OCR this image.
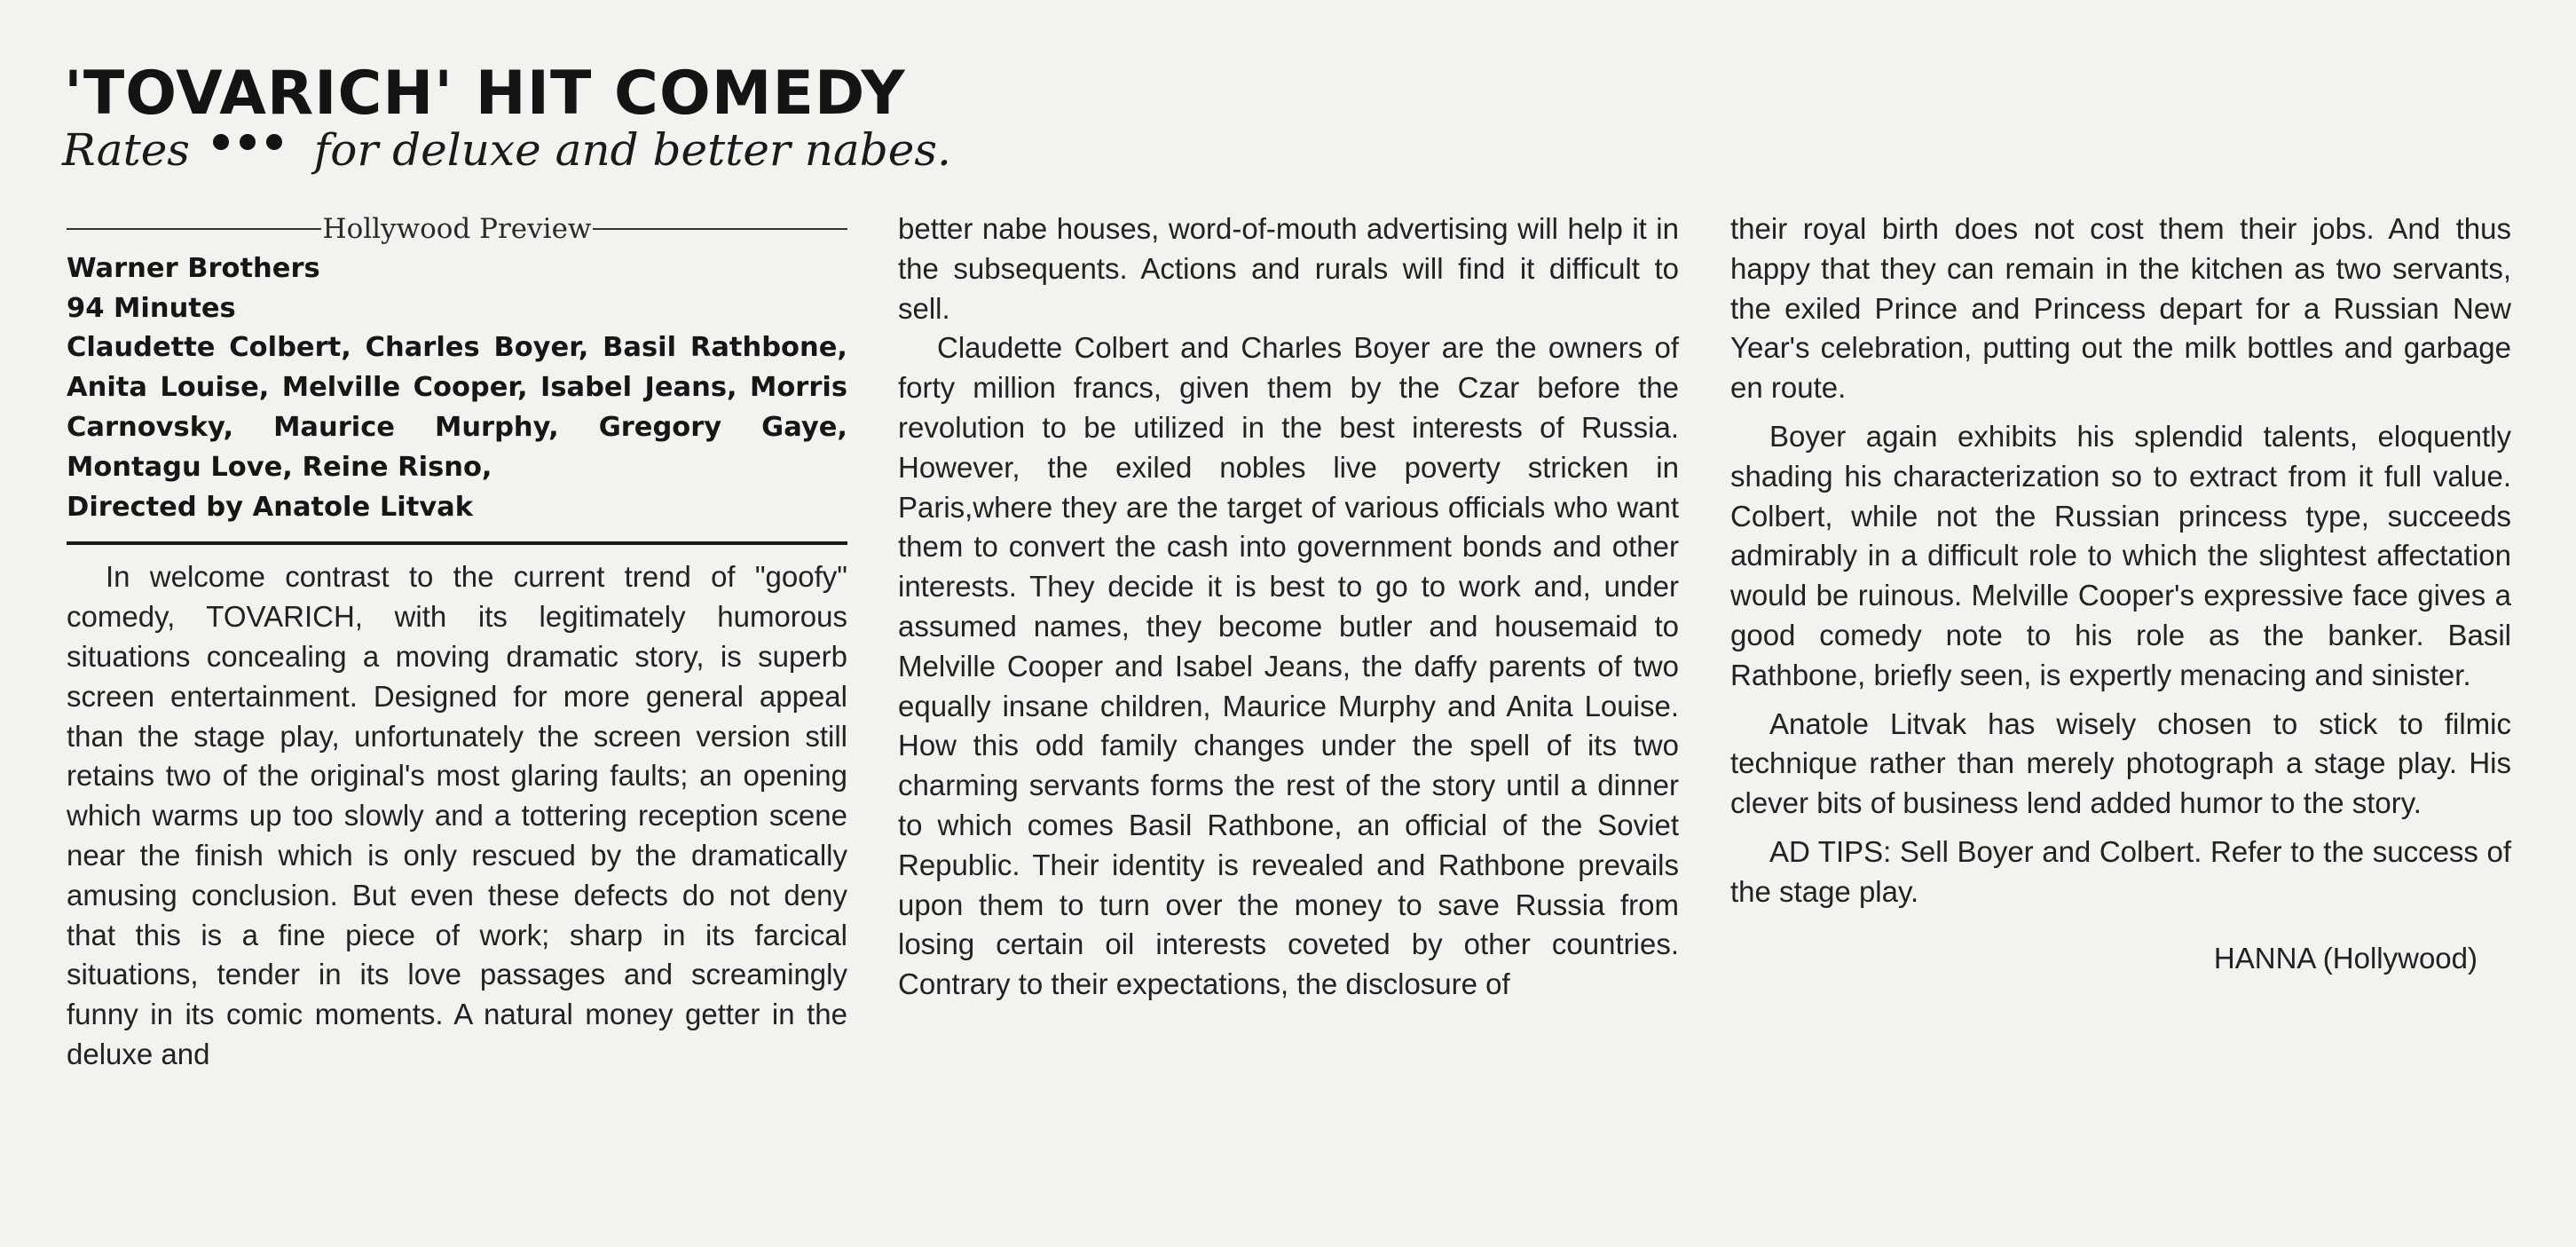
'TOVARICH' HIT COMEDY
Rates	for deluxe and better nabes.
Hollywood Preview
Warner Brothers
94 Minutes
Claudette Colbert, Charles Boyer, Basil Rathbone, Anita Louise, Melville Cooper, Isabel Jeans, Morris Carnovsky, Maurice Murphy, Gregory Gaye, Montagu Love, Reine Risno,
Directed by Anatole Litvak

In welcome contrast to the current trend of "goofy" comedy, TOVARICH, with its legitimately humorous situations concealing a moving dramatic story, is superb screen entertainment. Designed for more general appeal than the stage play, unfortunately the screen version still retains two of the original's most glaring faults; an opening which warms up too slowly and a tottering reception scene near the finish which is only rescued by the dramatically amusing conclusion. But even these defects do not deny that this is a fine piece of work; sharp in its farcical situations, tender in its love passages and screamingly funny in its comic moments. A natural money getter in the deluxe and

better nabe houses, word-of-mouth advertising will help it in the subsequents. Actions and rurals will find it difficult to sell.

Claudette Colbert and Charles Boyer are the owners of forty million francs, given them by the Czar before the revolution to be utilized in the best interests of Russia. However, the exiled nobles live poverty stricken in Paris,where they are the target of various officials who want them to convert the cash into government bonds and other interests. They decide it is best to go to work and, under assumed names, they become butler and housemaid to Melville Cooper and Isabel Jeans, the daffy parents of two equally insane children, Maurice Murphy and Anita Louise. How this odd family changes under the spell of its two charming servants forms the rest of the story until a dinner to which comes Basil Rathbone, an official of the Soviet Republic. Their identity is revealed and Rathbone prevails upon them to turn over the money to save Russia from losing certain oil interests coveted by other countries. Contrary to their expectations, the disclosure of

their royal birth does not cost them their jobs. And thus happy that they can remain in the kitchen as two servants, the exiled Prince and Princess depart for a Russian New Year's celebration, putting out the milk bottles and garbage en route.

Boyer again exhibits his splendid talents, eloquently shading his characterization so to extract from it full value. Colbert, while not the Russian princess type, succeeds admirably in a difficult role to which the slightest affectation would be ruinous. Melville Cooper's expressive face gives a good comedy note to his role as the banker. Basil Rathbone, briefly seen, is expertly menacing and sinister.

Anatole Litvak has wisely chosen to stick to filmic technique rather than merely photograph a stage play. His clever bits of business lend added humor to the story.

AD TIPS: Sell Boyer and Colbert. Refer to the success of the stage play.

HANNA (Hollywood)
